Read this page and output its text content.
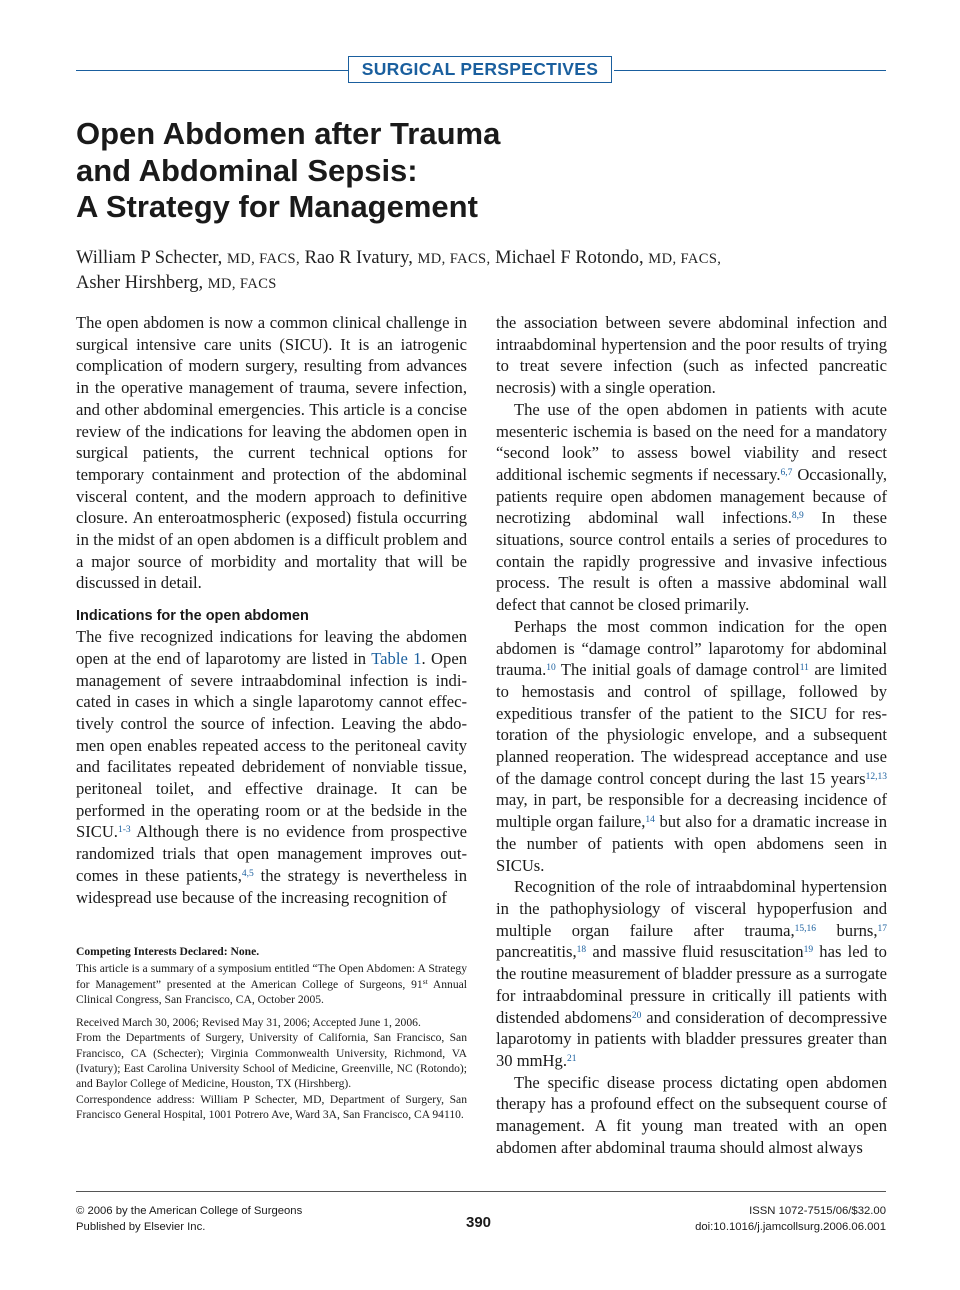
SURGICAL PERSPECTIVES
Open Abdomen after Trauma
and Abdominal Sepsis:
A Strategy for Management
William P Schecter, MD, FACS, Rao R Ivatury, MD, FACS, Michael F Rotondo, MD, FACS,
Asher Hirshberg, MD, FACS

The open abdomen is now a common clinical challenge in surgical intensive care units (SICU). It is an iatrogenic complication of modern surgery, resulting from advances in the operative management of trauma, severe infection, and other abdominal emergencies. This article is a concise review of the indications for leaving the abdomen open in surgical patients, the current technical options for temporary containment and protection of the abdominal visceral content, and the modern approach to definitive closure. An enteroatmospheric (exposed) fistula occurring in the midst of an open abdomen is a difficult problem and a major source of morbidity and mortality that will be discussed in detail.

Indications for the open abdomen

The five recognized indications for leaving the abdomen open at the end of laparotomy are listed in Table 1. Open management of severe intraabdominal infection is indicated in cases in which a single laparotomy cannot effectively control the source of infection. Leaving the abdomen open enables repeated access to the peritoneal cavity and facilitates repeated debridement of nonviable tissue, peritoneal toilet, and effective drainage. It can be performed in the operating room or at the bedside in the SICU.$^{1-3}$ Although there is no evidence from prospective randomized trials that open management improves outcomes in these patients,$^{4,5}$ the strategy is nevertheless in widespread use because of the increasing recognition of

the association between severe abdominal infection and intraabdominal hypertension and the poor results of trying to treat severe infection (such as infected pancreatic necrosis) with a single operation.

The use of the open abdomen in patients with acute mesenteric ischemia is based on the need for a mandatory “second look” to assess bowel viability and resect additional ischemic segments if necessary.$^{6,7}$ Occasionally, patients require open abdomen management because of necrotizing abdominal wall infections.$^{8,9}$ In these situations, source control entails a series of procedures to contain the rapidly progressive and invasive infectious process. The result is often a massive abdominal wall defect that cannot be closed primarily.

Perhaps the most common indication for the open abdomen is “damage control” laparotomy for abdominal trauma.$^{10}$ The initial goals of damage control$^{11}$ are limited to hemostasis and control of spillage, followed by expeditious transfer of the patient to the SICU for restoration of the physiologic envelope, and a subsequent planned reoperation. The widespread acceptance and use of the damage control concept during the last 15 years$^{12,13}$ may, in part, be responsible for a decreasing incidence of multiple organ failure,$^{14}$ but also for a dramatic increase in the number of patients with open abdomens seen in SICUs.

Recognition of the role of intraabdominal hypertension in the pathophysiology of visceral hypoperfusion and multiple organ failure after trauma,$^{15,16}$ burns,$^{17}$ pancreatitis,$^{18}$ and massive fluid resuscitation$^{19}$ has led to the routine measurement of bladder pressure as a surrogate for intraabdominal pressure in critically ill patients with distended abdomens$^{20}$ and consideration of decompressive laparotomy in patients with bladder pressures greater than 30 mmHg.$^{21}$

The specific disease process dictating open abdomen therapy has a profound effect on the subsequent course of management. A fit young man treated with an open abdomen after abdominal trauma should almost always

Competing Interests Declared: None.

This article is a summary of a symposium entitled “The Open Abdomen: A Strategy for Management” presented at the American College of Surgeons, 91st Annual Clinical Congress, San Francisco, CA, October 2005.

Received March 30, 2006; Revised May 31, 2006; Accepted June 1, 2006.

From the Departments of Surgery, University of California, San Francisco, San Francisco, CA (Schecter); Virginia Commonwealth University, Richmond, VA (Ivatury); East Carolina University School of Medicine, Greenville, NC (Rotondo); and Baylor College of Medicine, Houston, TX (Hirshberg).

Correspondence address: William P Schecter, MD, Department of Surgery, San Francisco General Hospital, 1001 Potrero Ave, Ward 3A, San Francisco, CA 94110.

© 2006 by the American College of Surgeons
Published by Elsevier Inc.	390
ISSN 1072-7515/06/$32.00
doi:10.1016/j.jamcollsurg.2006.06.001
